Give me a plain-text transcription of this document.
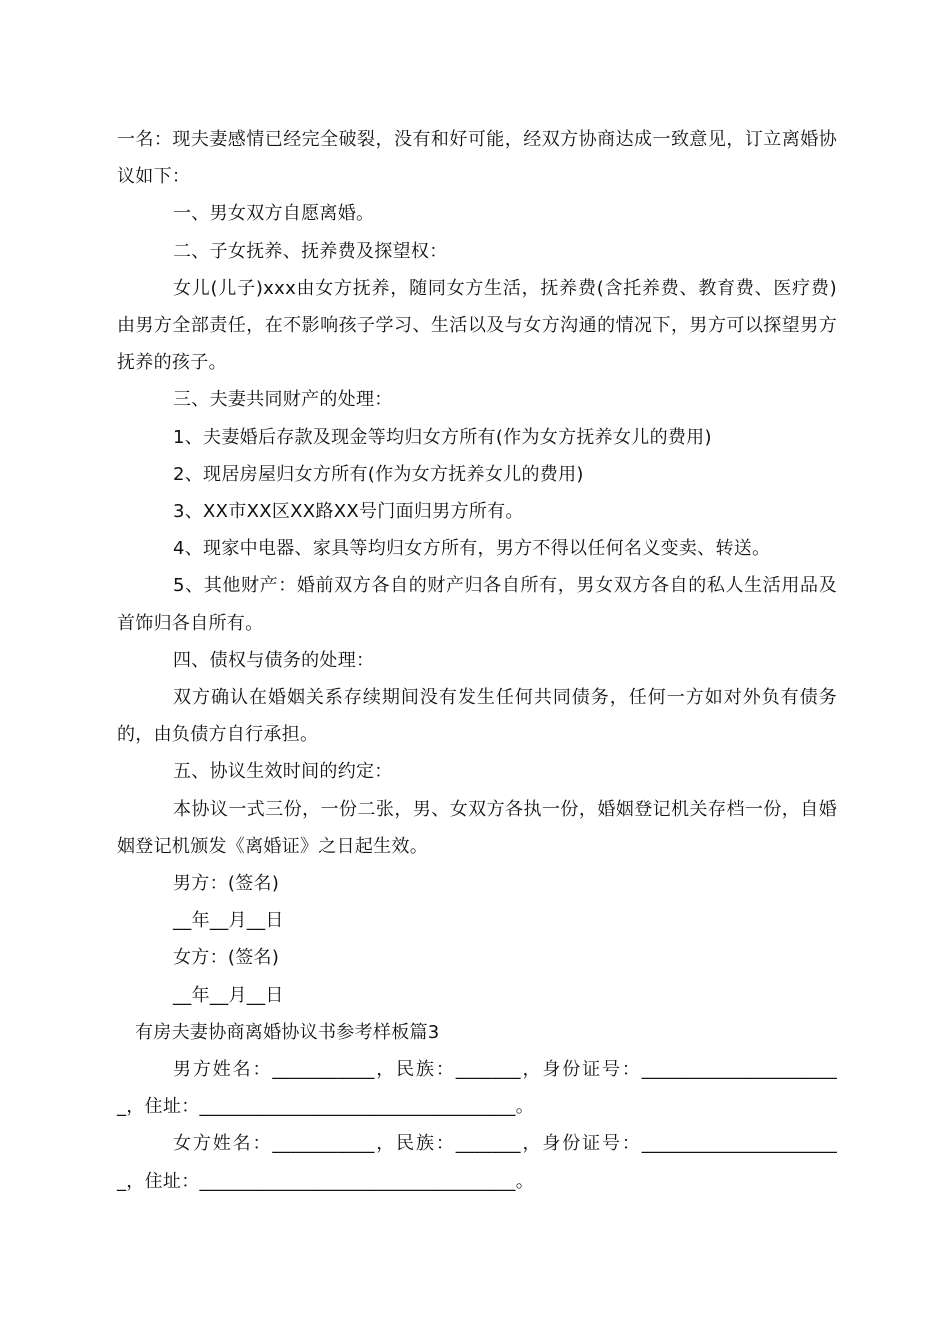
一名：现夫妻感情已经完全破裂，没有和好可能，经双方协商达成一致意见，订立离婚协议如下：

一、男女双方自愿离婚。

二、子女抚养、抚养费及探望权：

女儿(儿子)xxx由女方抚养，随同女方生活，抚养费(含托养费、教育费、医疗费)由男方全部责任，在不影响孩子学习、生活以及与女方沟通的情况下，男方可以探望男方抚养的孩子。

三、夫妻共同财产的处理：

1、夫妻婚后存款及现金等均归女方所有(作为女方抚养女儿的费用)

2、现居房屋归女方所有(作为女方抚养女儿的费用)

3、XX市XX区XX路XX号门面归男方所有。

4、现家中电器、家具等均归女方所有，男方不得以任何名义变卖、转送。

5、其他财产：婚前双方各自的财产归各自所有，男女双方各自的私人生活用品及首饰归各自所有。

四、债权与债务的处理：

双方确认在婚姻关系存续期间没有发生任何共同债务，任何一方如对外负有债务的，由负债方自行承担。

五、协议生效时间的约定：

本协议一式三份，一份二张，男、女双方各执一份，婚姻登记机关存档一份，自婚姻登记机颁发《离婚证》之日起生效。

男方：(签名)

__年__月__日

女方：(签名)

__年__月__日

有房夫妻协商离婚协议书参考样板篇3

男方姓名：___________，民族：_______，身份证号：______________________，住址：__________________________________。

女方姓名：___________，民族：_______，身份证号：______________________，住址：__________________________________。
